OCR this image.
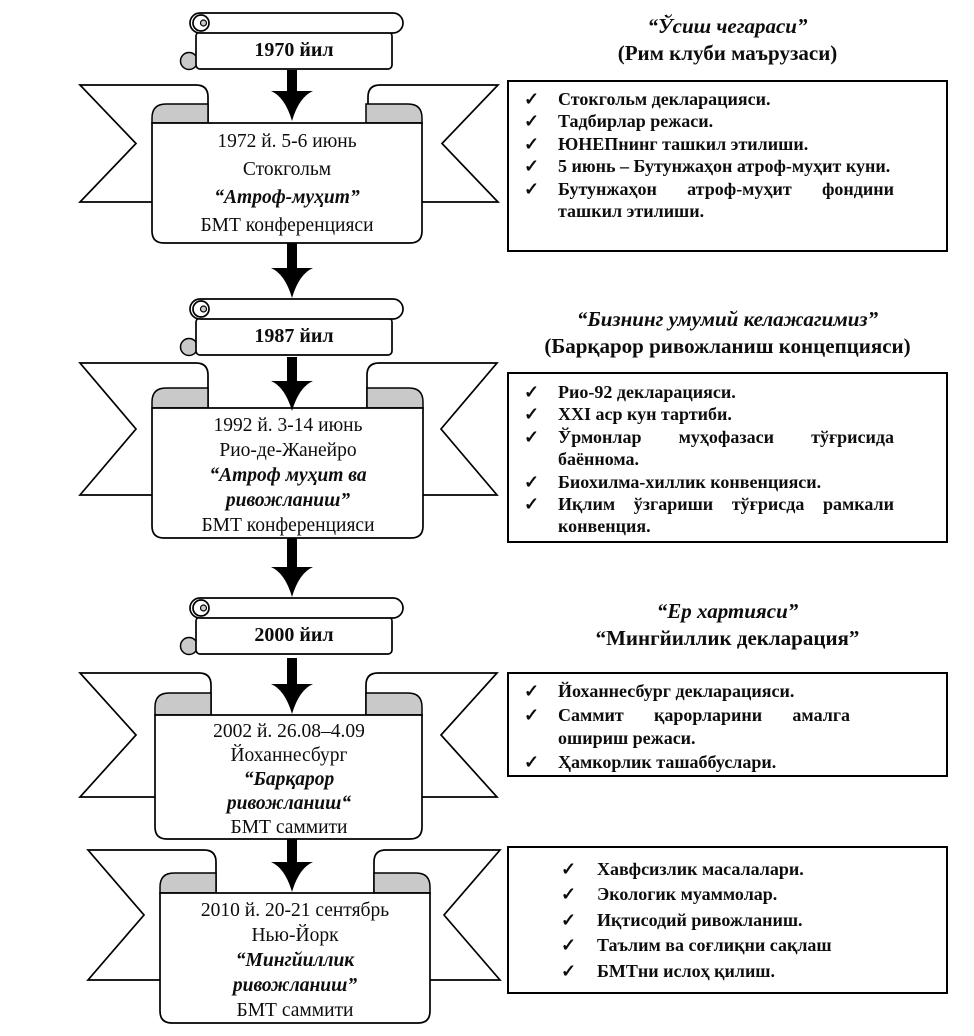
1970 йил
1987 йил
2000 йил
1972 й. 5-6 июнь
Стокгольм
“Атроф-муҳит”
БМТ конференцияси
1992 й. 3-14 июнь
Рио-де-Жанейро
“Атроф муҳит ва
ривожланиш”
БМТ конференцияси
2002 й. 26.08–4.09
Йоханнесбург
“Барқарор
ривожланиш“
БМТ саммити
2010 й. 20-21 сентябрь
Нью-Йорк
“Мингйиллик
ривожланиш”
БМТ саммити
“Ўсиш чегараси”
(Рим клуби маърузаси)
“Бизнинг умумий келажагимиз”
(Барқарор ривожланиш концепцияси)
“Ер хартияси”
“Мингйиллик декларация”
✓	Стокгольм декларацияси.
✓	Тадбирлар режаси.
✓	ЮНЕПнинг ташкил этилиши.
✓	5 июнь – Бутунжаҳон атроф-муҳит куни.
✓	Бутунжаҳон атроф-муҳит фондини ташкил этилиши.
✓	Рио-92 декларацияси.
✓	XXI аср кун тартиби.
✓	Ўрмонлар муҳофазаси тўғрисида баённома.
✓	Биохилма-хиллик конвенцияси.
✓	Иқлим ўзгариши тўғрисда рамкали конвенция.
✓	Йоханнесбург декларацияси.
✓	Саммит қарорларини амалга ошириш режаси.
✓	Ҳамкорлик ташаббуслари.
✓	Хавфсизлик масалалари.
✓	Экологик муаммолар.
✓	Иқтисодий ривожланиш.
✓	Таълим ва соғлиқни сақлаш
✓	БМТни ислоҳ қилиш.
